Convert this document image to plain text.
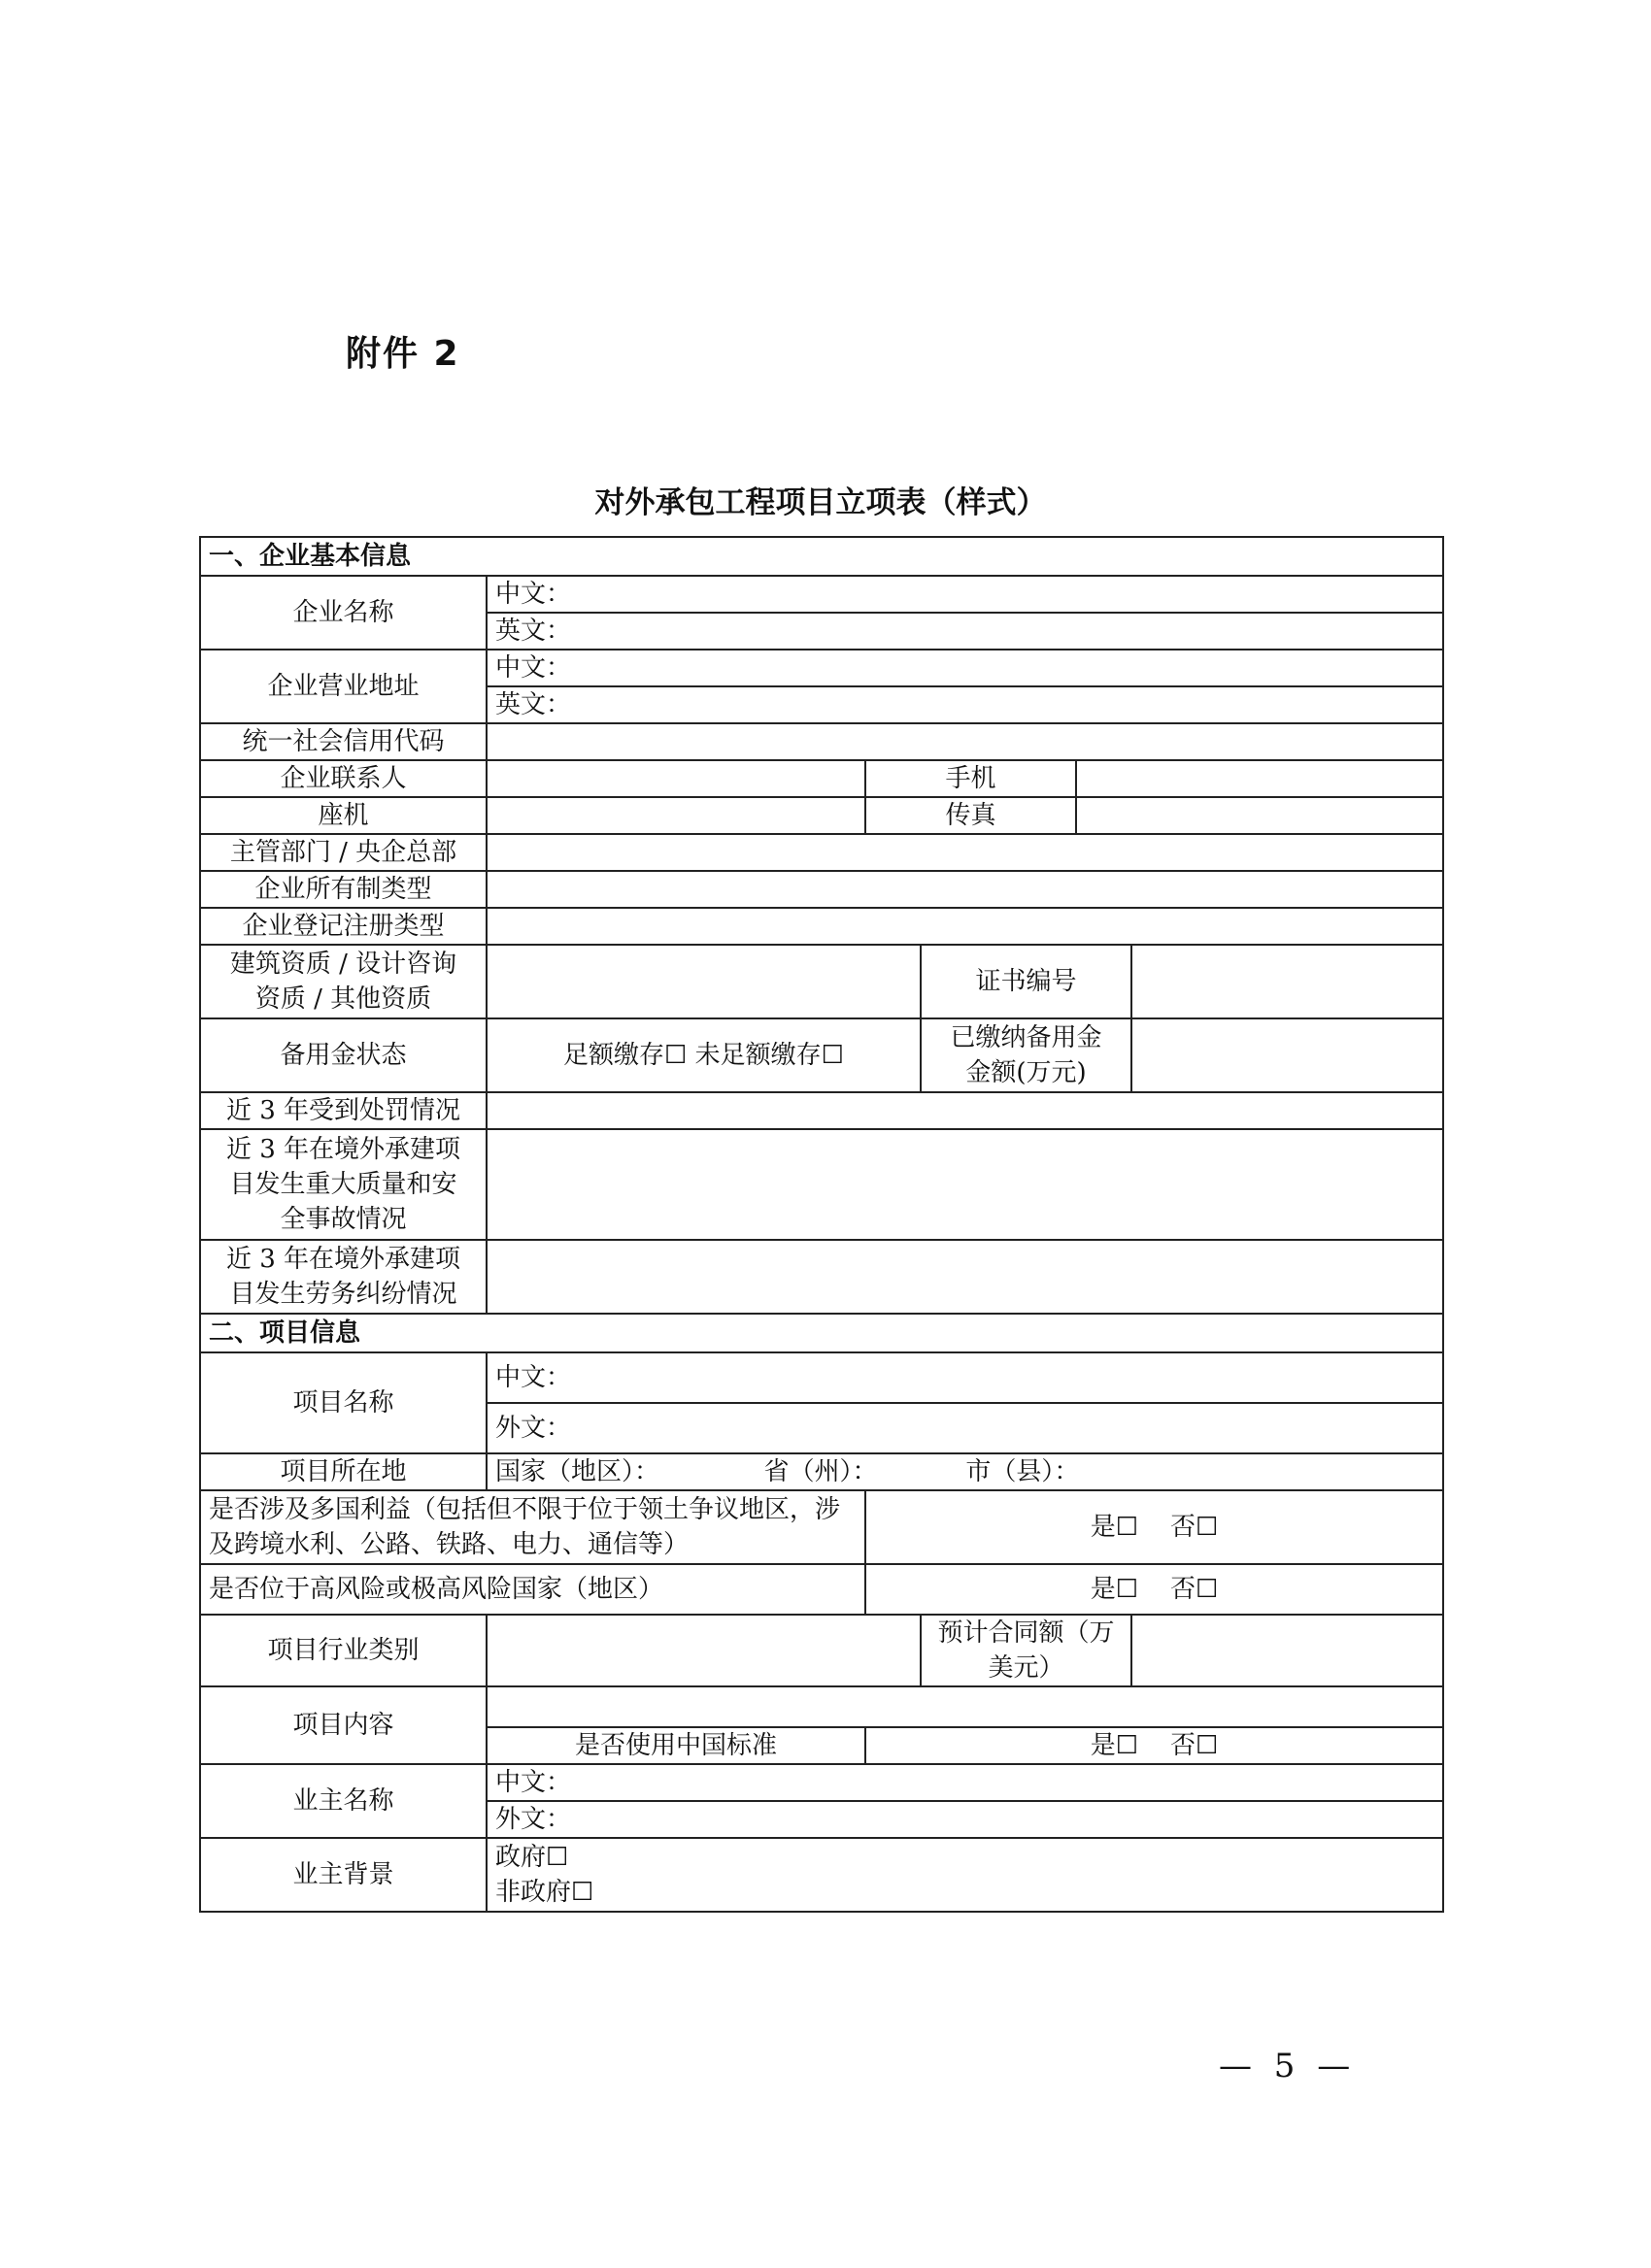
附件 2
对外承包工程项目立项表（样式）
一、企业基本信息					
企业名称	中文：				
	英文：				
企业营业地址	中文：				
	英文：				
统一社会信用代码					
企业联系人		手机			
座机		传真			
主管部门 / 央企总部					
企业所有制类型					
企业登记注册类型					

建筑资质 / 设计咨询
资质 / 其他资质			证书编号		
备用金状态	足额缴存☐ 未足额缴存☐		已缴纳备用金
金额(万元)		

近 3 年受到处罚情况					

近 3 年在境外承建项
目发生重大质量和安
全事故情况					

近 3 年在境外承建项
目发生劳务纠纷情况					

二、项目信息					
项目名称	中文：				
	外文：				
项目所在地	国家（地区）：             省（州）：           市（县）：				

是否涉及多国利益（包括但不限于位于领土争议地区，涉
及跨境水利、公路、铁路、电力、通信等）		是☐    否☐			
是否位于高风险或极高风险国家（地区）		是☐    否☐			
项目行业类别			预计合同额（万美元）		
项目内容					
	是否使用中国标准	是☐    否☐			
业主名称	中文：				
	外文：				
业主背景	政府☐
非政府☐				
— 5 —
